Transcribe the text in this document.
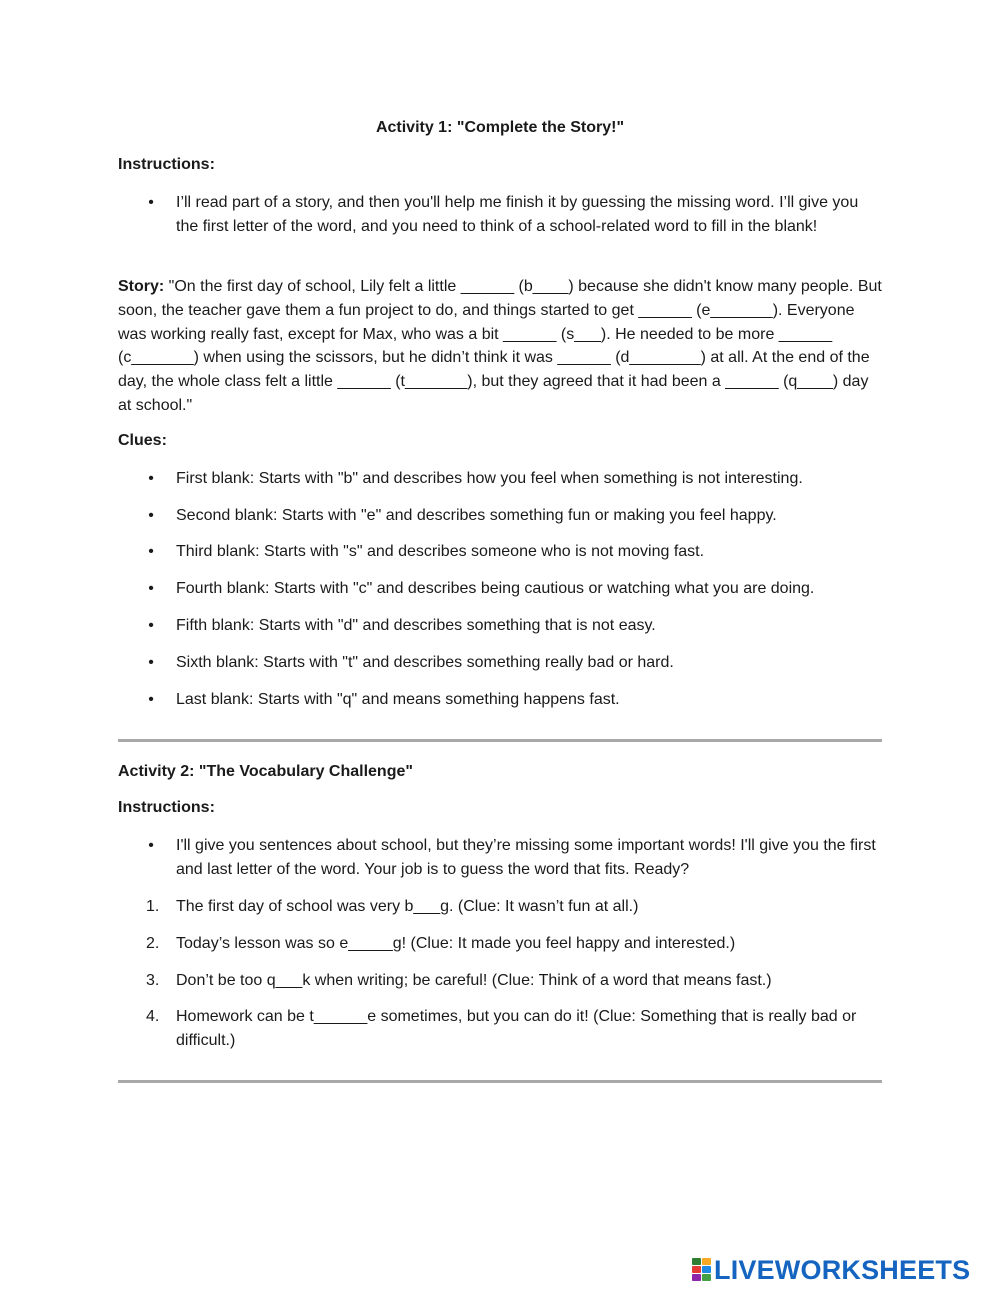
Activity 1: "Complete the Story!"
Instructions:
• I’ll read part of a story, and then you'll help me finish it by guessing the missing word. I’ll give you the first letter of the word, and you need to think of a school-related word to fill in the blank!
Story: "On the first day of school, Lily felt a little ______ (b____) because she didn't know many people. But soon, the teacher gave them a fun project to do, and things started to get ______ (e_______). Everyone was working really fast, except for Max, who was a bit ______ (s___). He needed to be more ______ (c_______) when using the scissors, but he didn’t think it was ______ (d________) at all. At the end of the day, the whole class felt a little ______ (t_______), but they agreed that it had been a ______ (q____) day at school."
Clues:
• First blank: Starts with "b" and describes how you feel when something is not interesting.
• Second blank: Starts with "e" and describes something fun or making you feel happy.
• Third blank: Starts with "s" and describes someone who is not moving fast.
• Fourth blank: Starts with "c" and describes being cautious or watching what you are doing.
• Fifth blank: Starts with "d" and describes something that is not easy.
• Sixth blank: Starts with "t" and describes something really bad or hard.
• Last blank: Starts with "q" and means something happens fast.
Activity 2: "The Vocabulary Challenge"
Instructions:
• I'll give you sentences about school, but they’re missing some important words! I'll give you the first and last letter of the word. Your job is to guess the word that fits. Ready?
1. The first day of school was very b___g. (Clue: It wasn’t fun at all.)
2. Today’s lesson was so e_____g! (Clue: It made you feel happy and interested.)
3. Don’t be too q___k when writing; be careful! (Clue: Think of a word that means fast.)
4. Homework can be t______e sometimes, but you can do it! (Clue: Something that is really bad or difficult.)
LIVEWORKSHEETS
